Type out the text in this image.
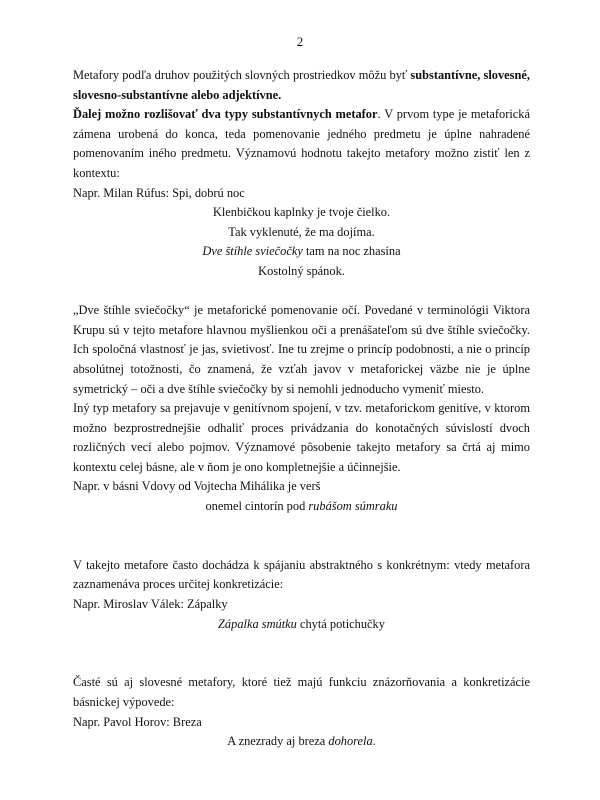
2

Metafory podľa druhov použitých slovných prostriedkov môžu byť substantívne, slovesné, slovesno-substantívne alebo adjektívne.

Ďalej možno rozlišovať dva typy substantívnych metafor. V prvom type je metaforická zámena urobená do konca, teda pomenovanie jedného predmetu je úplne nahradené pomenovaním iného predmetu. Významovú hodnotu takejto metafory možno zistiť len z kontextu:

Napr. Milan Rúfus: Spi, dobrú noc

Klenbičkou kaplnky je tvoje čielko.

Tak vyklenuté, že ma dojíma.

Dve štíhle sviečočky tam na noc zhasína

Kostolný spánok.

„Dve štíhle sviečočky“ je metaforické pomenovanie očí. Povedané v terminológii Viktora Krupu sú v tejto metafore hlavnou myšlienkou oči a prenášateľom sú dve štíhle sviečočky. Ich spoločná vlastnosť je jas, svietivosť. Ine tu zrejme o princíp podobnosti, a nie o princíp absolútnej totožnosti, čo znamená, že vzťah javov v metaforickej väzbe nie je úplne symetrický – oči a dve štíhle sviečočky by si nemohli jednoducho vymeniť miesto.

Iný typ metafory sa prejavuje v genitívnom spojení, v tzv. metaforickom genitíve, v ktorom možno bezprostrednejšie odhaliť proces privádzania do konotačných súvislostí dvoch rozličných vecí alebo pojmov. Významové pôsobenie takejto metafory sa črtá aj mimo kontextu celej básne, ale v ňom je ono kompletnejšie a účinnejšie.

Napr. v básni Vdovy od Vojtecha Mihálika je verš

onemel cintorín pod rubášom súmraku

V takejto metafore často dochádza k spájaniu abstraktného s konkrétnym: vtedy metafora zaznamenáva proces určitej konkretizácie:

Napr. Miroslav Válek: Zápalky

Zápalka smútku chytá potichučky

Časté sú aj slovesné metafory, ktoré tiež majú funkciu znázorňovania a konkretizácie básnickej výpovede:

Napr. Pavol Horov: Breza

A znezrady aj breza dohorela.
